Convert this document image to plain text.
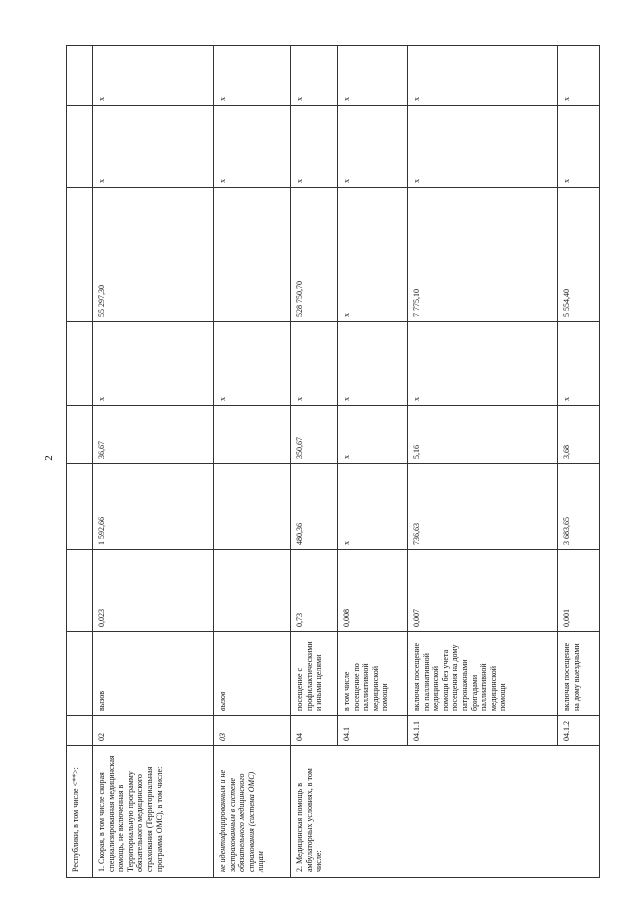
2
Республики, в том числе <**>:									
1. Скорая, в том числе скорая специализированная медицинская помощь, не включенная в Территориальную программу обязательного медицинского страхования (Территориальная программа ОМС), в том числе:	02	вызов	0,023	1 592,66	36,67	x	55 297,30	x	x
не идентифицированным и не застрахованным в системе обязательного медицинского страхования (система ОМС) лицам	03	вызов				x		x	x
2. Медицинская помощь в амбулаторных условиях, в том числе:	04	посещение с профилактическими и иными целями	0,73	480,36	350,67	x	528 750,70	x	x
	04.1	в том числе посещение по паллиативной медицинской помощи	0,008	x	x	x	x	x	x
	04.1.1	включая посещение по паллиативной медицинской помощи без учета посещения на дому патронажными бригадами паллиативной медицинской помощи	0,007	736,63	5,16	x	7 775,10	x	x
	04.1.2	включая посещение на дому выездными	0,001	3 683,65	3,68	x	5 554,40	x	x
